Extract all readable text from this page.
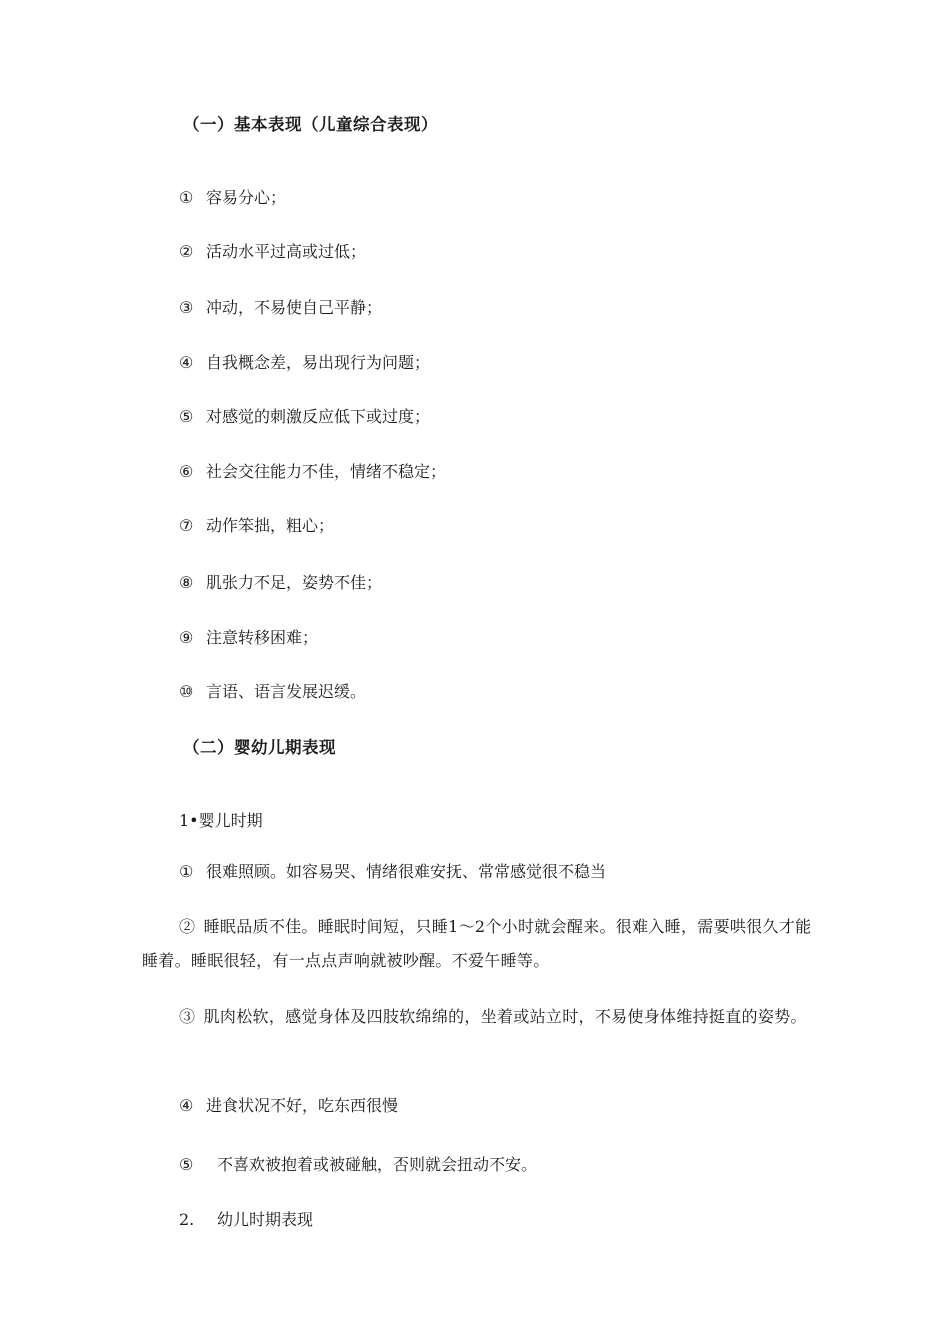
（一）基本表现（儿童综合表现）
① 容易分心；
② 活动水平过高或过低；
③ 冲动，不易使自己平静；
④ 自我概念差，易出现行为问题；
⑤ 对感觉的刺激反应低下或过度；
⑥ 社会交往能力不佳，情绪不稳定；
⑦ 动作笨拙，粗心；
⑧ 肌张力不足，姿势不佳；
⑨ 注意转移困难；
⑩ 言语、语言发展迟缓。
（二）婴幼儿期表现
1•婴儿时期
① 很难照顾。如容易哭、情绪很难安抚、常常感觉很不稳当
②  睡眠品质不佳。睡眠时间短，只睡1〜2个小时就会醒来。很难入睡，需要哄很久才能睡着。睡眠很轻，有一点点声响就被吵醒。不爱午睡等。
③  肌肉松软，感觉身体及四肢软绵绵的，坐着或站立时，不易使身体维持挺直的姿势。
④ 进食状况不好，吃东西很慢
⑤ 不喜欢被抱着或被碰触，否则就会扭动不安。
2. 幼儿时期表现
